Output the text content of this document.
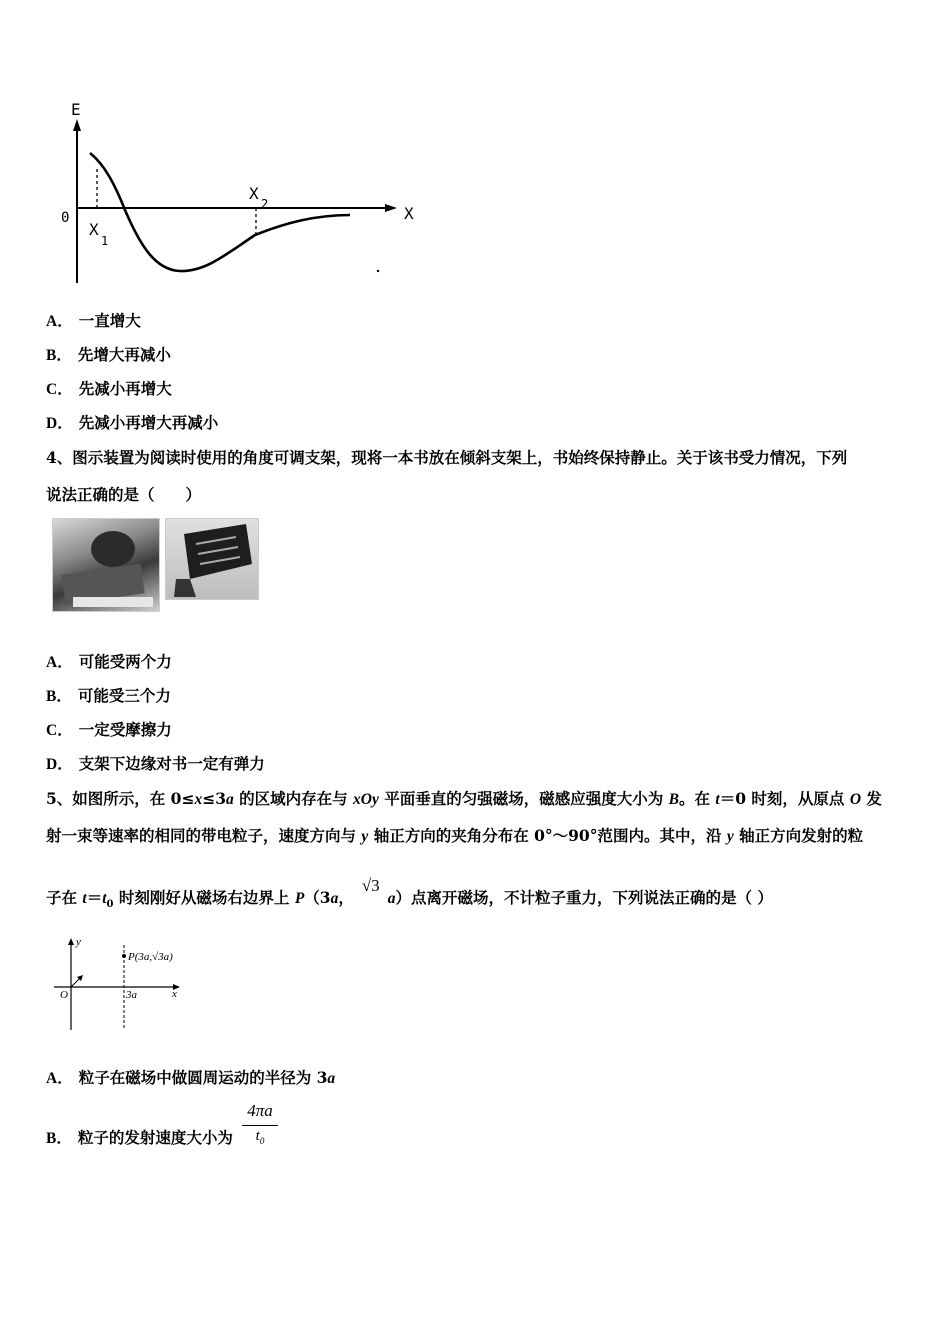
E
X
0
X
1
X
2
A． 一直增大
B． 先增大再减小
C． 先减小再增大
D． 先减小再增大再减小
4、图示装置为阅读时使用的角度可调支架，现将一本书放在倾斜支架上，书始终保持静止。关于该书受力情况，下列
说法正确的是（　　）
A． 可能受两个力
B． 可能受三个力
C． 一定受摩擦力
D． 支架下边缘对书一定有弹力
5、如图所示，在 0≤x≤3a 的区域内存在与 xOy 平面垂直的匀强磁场，磁感应强度大小为 B。在 t＝0 时刻，从原点 O 发
射一束等速率的相同的带电粒子，速度方向与 y 轴正方向的夹角分布在 0°～90°范围内。其中，沿 y 轴正方向发射的粒
子在 $t=t_0$ 时刻刚好从磁场右边界上 P（3a，√3a）点离开磁场，不计粒子重力，下列说法正确的是（ ）
y
x
O	3a
P(3a,√3a)
A． 粒子在磁场中做圆周运动的半径为 3a
B． 粒子的发射速度大小为
4πa
$t_0$
